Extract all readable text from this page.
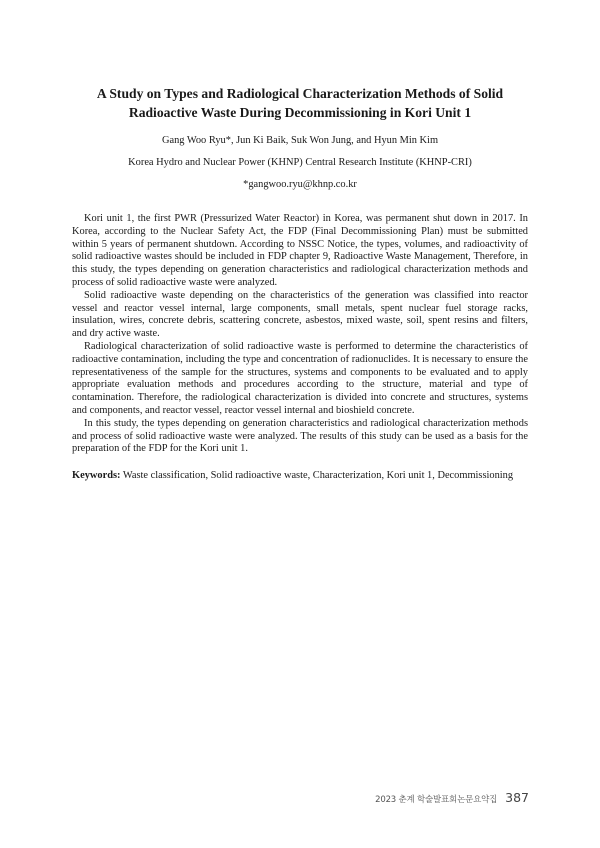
A Study on Types and Radiological Characterization Methods of Solid
Radioactive Waste During Decommissioning in Kori Unit 1

Gang Woo Ryu*, Jun Ki Baik, Suk Won Jung, and Hyun Min Kim

Korea Hydro and Nuclear Power (KHNP) Central Research Institute (KHNP-CRI)

*gangwoo.ryu@khnp.co.kr

Kori unit 1, the first PWR (Pressurized Water Reactor) in Korea, was permanent shut down in 2017. In Korea, according to the Nuclear Safety Act, the FDP (Final Decommissioning Plan) must be submitted within 5 years of permanent shutdown. According to NSSC Notice, the types, volumes, and radioactivity of solid radioactive wastes should be included in FDP chapter 9, Radioactive Waste Management, Therefore, in this study, the types depending on generation characteristics and radiological characterization methods and process of solid radioactive waste were analyzed.

Solid radioactive waste depending on the characteristics of the generation was classified into reactor vessel and reactor vessel internal, large components, small metals, spent nuclear fuel storage racks, insulation, wires, concrete debris, scattering concrete, asbestos, mixed waste, soil, spent resins and filters, and dry active waste.

Radiological characterization of solid radioactive waste is performed to determine the characteristics of radioactive contamination, including the type and concentration of radionuclides. It is necessary to ensure the representativeness of the sample for the structures, systems and components to be evaluated and to apply appropriate evaluation methods and procedures according to the structure, material and type of contamination. Therefore, the radiological characterization is divided into concrete and structures, systems and components, and reactor vessel, reactor vessel internal and bioshield concrete.

In this study, the types depending on generation characteristics and radiological characterization methods and process of solid radioactive waste were analyzed. The results of this study can be used as a basis for the preparation of the FDP for the Kori unit 1.

Keywords: Waste classification, Solid radioactive waste, Characterization, Kori unit 1, Decommissioning

2023 춘계 학술발표회논문요약집 387
